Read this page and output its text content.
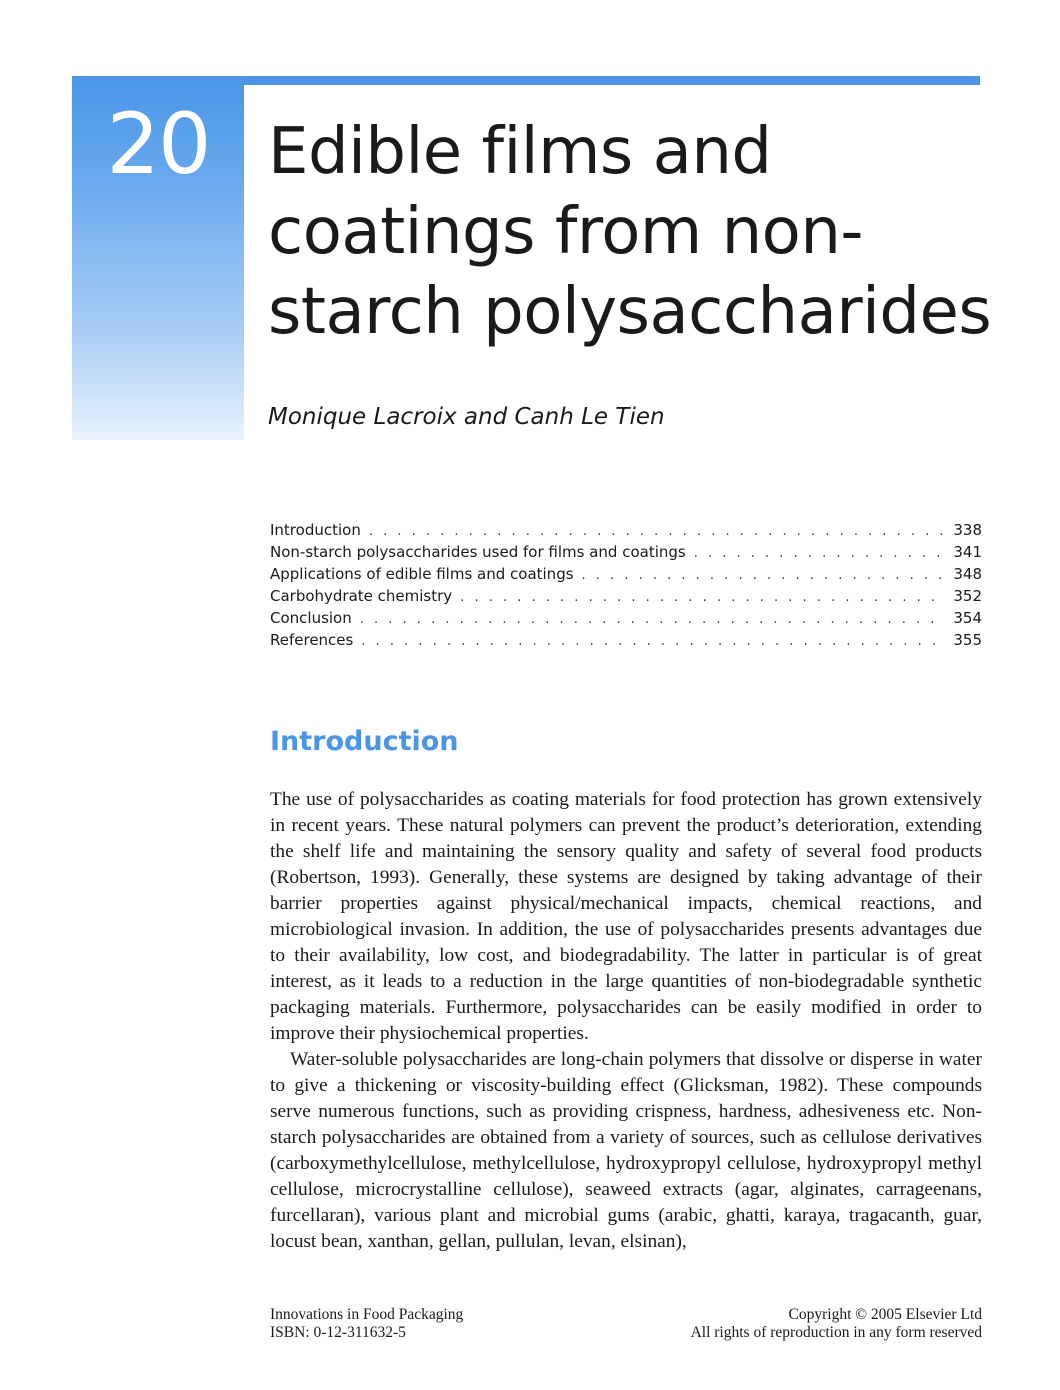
20 Edible films and
coatings from non-
starch polysaccharides
Monique Lacroix and Canh Le Tien
Introduction . . .	338
Non-starch polysaccharides used for films and coatings . . .	341
Applications of edible films and coatings . . .	348
Carbohydrate chemistry . . .	352
Conclusion . . .	354
References . . .	355
Introduction

The use of polysaccharides as coating materials for food protection has grown extensively in recent years. These natural polymers can prevent the product’s deterioration, extending the shelf life and maintaining the sensory quality and safety of several food products (Robertson, 1993). Generally, these systems are designed by taking advantage of their barrier properties against physical/mechanical impacts, chemical reactions, and microbiological invasion. In addition, the use of polysaccharides presents advantages due to their availability, low cost, and biodegradability. The latter in particular is of great interest, as it leads to a reduction in the large quantities of non-biodegradable synthetic packaging materials. Furthermore, polysaccharides can be easily modified in order to improve their physiochemical properties.

Water-soluble polysaccharides are long-chain polymers that dissolve or disperse in water to give a thickening or viscosity-building effect (Glicksman, 1982). These compounds serve numerous functions, such as providing crispness, hardness, adhesiveness etc. Non-starch polysaccharides are obtained from a variety of sources, such as cellulose derivatives (carboxymethylcellulose, methylcellulose, hydroxypropyl cellulose, hydroxypropyl methyl cellulose, microcrystalline cellulose), seaweed extracts (agar, alginates, carrageenans, furcellaran), various plant and microbial gums (arabic, ghatti, karaya, tragacanth, guar, locust bean, xanthan, gellan, pullulan, levan, elsinan),

Innovations in Food Packaging
ISBN: 0-12-311632-5
Copyright © 2005 Elsevier Ltd
All rights of reproduction in any form reserved
